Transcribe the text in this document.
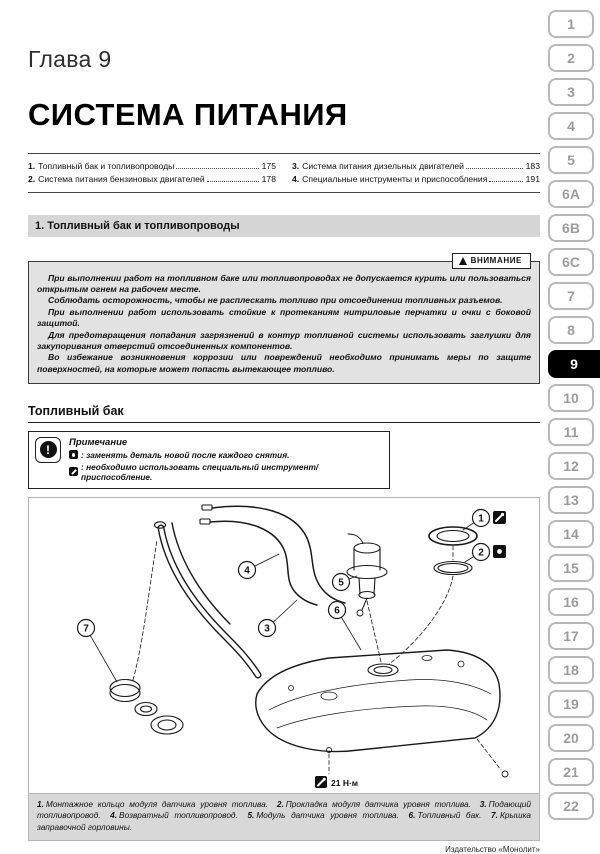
1
2
3
4
5
6A
6B
6C
7
8
9
10
11
12
13
14
15
16
17
18
19
20
21
22
Глава 9
СИСТЕМА ПИТАНИЯ
1. Топливный бак и топливопроводы	175
2. Система питания бензиновых двигателей	178
3. Система питания дизельных двигателей	183
4. Специальные инструменты и приспособления	191
1. Топливный бак и топливопроводы
ВНИМАНИЕ

При выполнении работ на топливном баке или топливопроводах не допускается курить или пользоваться открытым огнем на рабочем месте.

Соблюдать осторожность, чтобы не расплескать топливо при отсоединении топливных разъемов.

При выполнении работ использовать стойкие к протеканиям нитриловые перчатки и очки с боковой защитой.

Для предотвращения попадания загрязнений в контур топливной системы использовать заглушки для закупоривания отверстий отсоединенных компонентов.

Во избежание возникновения коррозии или повреждений необходимо принимать меры по защите поверхностей, на которые может попасть вытекающее топливо.

Топливный бак
!
Примечание
: заменять деталь новой после каждого снятия.
: необходимо использовать специальный инструмент/приспособление.
21 Н·м
1
2
3
4
5
6
7
1. Монтажное кольцо модуля датчика уровня топлива. 2. Прокладка модуля датчика уровня топлива. 3. Подающий топливопровод. 4. Возвратный топливопровод. 5. Модуль датчика уровня топлива. 6. Топливный бак. 7. Крышка заправочной горловины.
Издательство «Монолит»
